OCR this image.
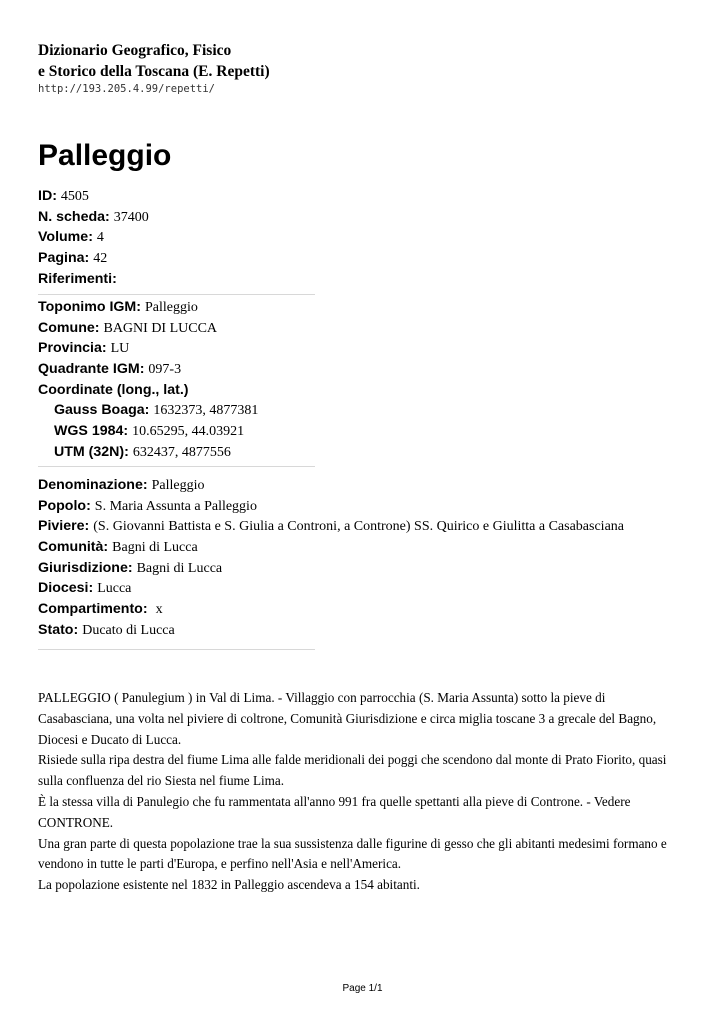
Dizionario Geografico, Fisico

e Storico della Toscana (E. Repetti)

http://193.205.4.99/repetti/

Palleggio
ID: 4505
N. scheda: 37400
Volume: 4
Pagina: 42
Riferimenti:
Toponimo IGM: Palleggio
Comune: BAGNI DI LUCCA
Provincia: LU
Quadrante IGM: 097-3
Coordinate (long., lat.)
Gauss Boaga: 1632373, 4877381
WGS 1984: 10.65295, 44.03921
UTM (32N): 632437, 4877556
Denominazione: Palleggio
Popolo: S. Maria Assunta a Palleggio
Piviere: (S. Giovanni Battista e S. Giulia a Controni, a Controne) SS. Quirico e Giulitta a Casabasciana
Comunità: Bagni di Lucca
Giurisdizione: Bagni di Lucca
Diocesi: Lucca
Compartimento: x
Stato: Ducato di Lucca

PALLEGGIO ( Panulegium ) in Val di Lima. - Villaggio con parrocchia (S. Maria Assunta) sotto la pieve di

Casabasciana, una volta nel piviere di coltrone, Comunità Giurisdizione e circa miglia toscane 3 a grecale del Bagno,

Diocesi e Ducato di Lucca.

Risiede sulla ripa destra del fiume Lima alle falde meridionali dei poggi che scendono dal monte di Prato Fiorito, quasi

sulla confluenza del rio Siesta nel fiume Lima.

È la stessa villa di Panulegio che fu rammentata all'anno 991 fra quelle spettanti alla pieve di Controne. - Vedere

CONTRONE.

Una gran parte di questa popolazione trae la sua sussistenza dalle figurine di gesso che gli abitanti medesimi formano e

vendono in tutte le parti d'Europa, e perfino nell'Asia e nell'America.

La popolazione esistente nel 1832 in Palleggio ascendeva a 154 abitanti.

Page 1/1
